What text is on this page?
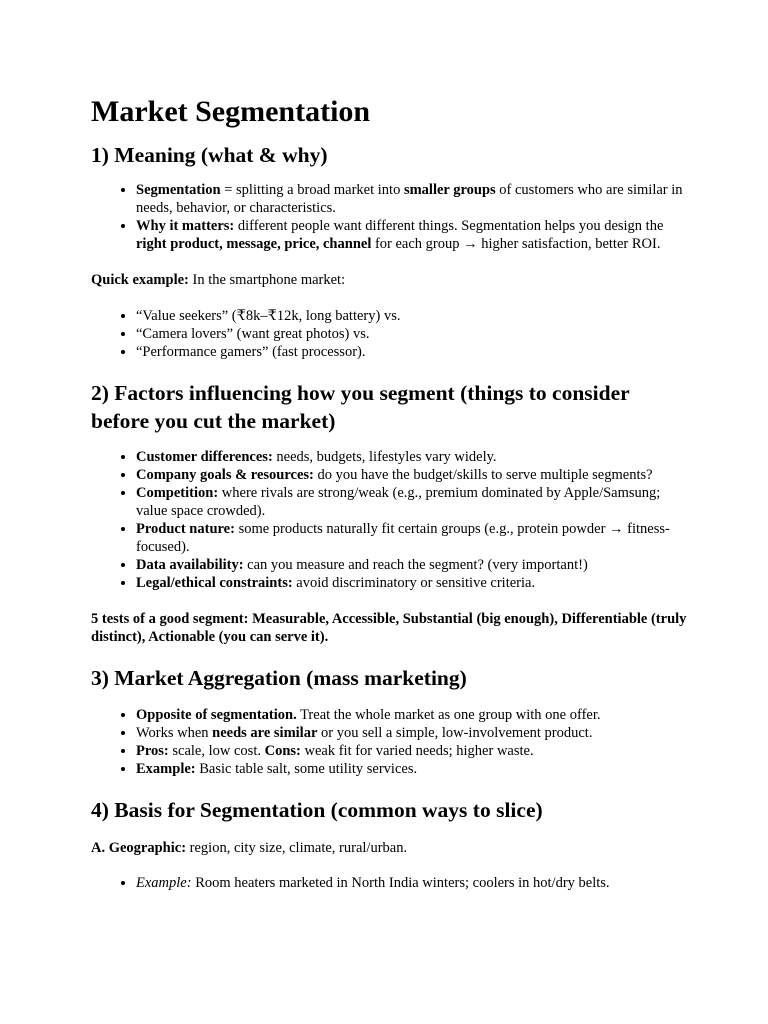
Market Segmentation
1) Meaning (what & why)
• Segmentation = splitting a broad market into smaller groups of customers who are similar in needs, behavior, or characteristics.
• Why it matters: different people want different things. Segmentation helps you design the right product, message, price, channel for each group → higher satisfaction, better ROI.

Quick example: In the smartphone market:

• “Value seekers” (₹8k–₹12k, long battery) vs.
• “Camera lovers” (want great photos) vs.
• “Performance gamers” (fast processor).
2) Factors influencing how you segment (things to consider before you cut the market)
• Customer differences: needs, budgets, lifestyles vary widely.
• Company goals & resources: do you have the budget/skills to serve multiple segments?
• Competition: where rivals are strong/weak (e.g., premium dominated by Apple/Samsung; value space crowded).
• Product nature: some products naturally fit certain groups (e.g., protein powder → fitness-focused).
• Data availability: can you measure and reach the segment? (very important!)
• Legal/ethical constraints: avoid discriminatory or sensitive criteria.

5 tests of a good segment: Measurable, Accessible, Substantial (big enough), Differentiable (truly distinct), Actionable (you can serve it).

3) Market Aggregation (mass marketing)
• Opposite of segmentation. Treat the whole market as one group with one offer.
• Works when needs are similar or you sell a simple, low-involvement product.
• Pros: scale, low cost. Cons: weak fit for varied needs; higher waste.
• Example: Basic table salt, some utility services.
4) Basis for Segmentation (common ways to slice)

A. Geographic: region, city size, climate, rural/urban.

• Example: Room heaters marketed in North India winters; coolers in hot/dry belts.
